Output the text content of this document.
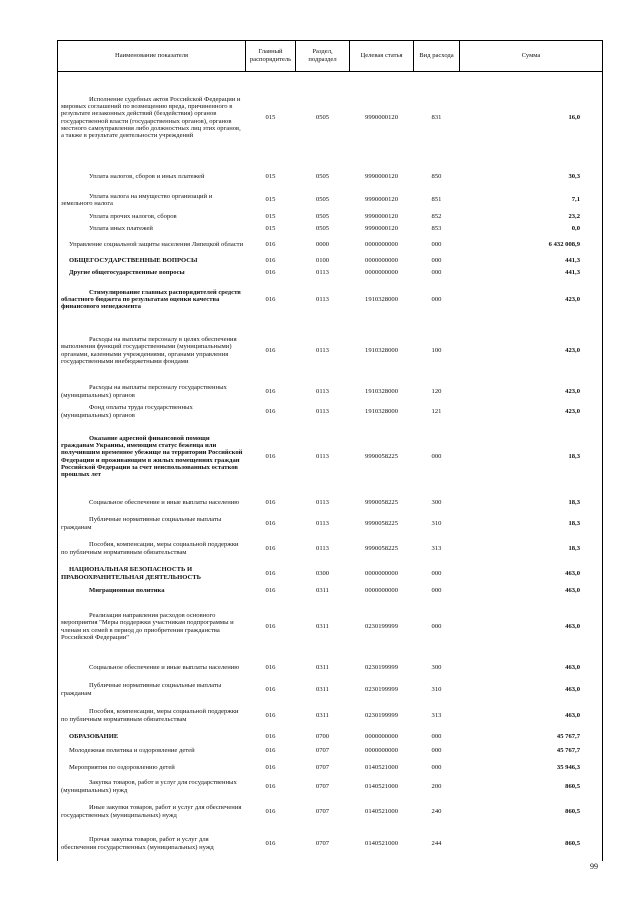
Наименование показателя	Главный распорядитель	Раздел, подраздел	Целевая статья	Вид расхода	Сумма
Исполнение судебных актов Российской Федерации и мировых соглашений по возмещению вреда, причиненного в результате незаконных действий (бездействия) органов государственной власти (государственных органов), органов местного самоуправления либо должностных лиц этих органов, а также в результате деятельности учреждений	015	0505	9990000120	831	16,0
Уплата налогов, сборов и иных платежей	015	0505	9990000120	850	30,3
Уплата налога на имущество организаций и земельного налога	015	0505	9990000120	851	7,1
Уплата прочих налогов, сборов	015	0505	9990000120	852	23,2
Уплата иных платежей	015	0505	9990000120	853	0,0
Управление социальной защиты населения Липецкой области	016	0000	0000000000	000	6 432 008,9
ОБЩЕГОСУДАРСТВЕННЫЕ ВОПРОСЫ	016	0100	0000000000	000	441,3
Другие общегосударственные вопросы	016	0113	0000000000	000	441,3
Стимулирование главных распорядителей средств областного бюджета по результатам оценки качества финансового менеджмента	016	0113	1910328000	000	423,0
Расходы на выплаты персоналу в целях обеспечения выполнения функций государственными (муниципальными) органами, казенными учреждениями, органами управления государственными внебюджетными фондами	016	0113	1910328000	100	423,0
Расходы на выплаты персоналу государственных (муниципальных) органов	016	0113	1910328000	120	423,0
Фонд оплаты труда государственных (муниципальных) органов	016	0113	1910328000	121	423,0
Оказание адресной финансовой помощи гражданам Украины, имеющим статус беженца или получившим временное убежище на территории Российской Федерации и проживающим в жилых помещениях граждан Российской Федерации за счет неиспользованных остатков прошлых лет	016	0113	9990058225	000	18,3
Социальное обеспечение и иные выплаты населению	016	0113	9990058225	300	18,3
Публичные нормативные социальные выплаты гражданам	016	0113	9990058225	310	18,3
Пособия, компенсации, меры социальной поддержки по публичным нормативным обязательствам	016	0113	9990058225	313	18,3
НАЦИОНАЛЬНАЯ БЕЗОПАСНОСТЬ И ПРАВООХРАНИТЕЛЬНАЯ ДЕЯТЕЛЬНОСТЬ	016	0300	0000000000	000	463,0
Миграционная политика	016	0311	0000000000	000	463,0
Реализация направления расходов основного мероприятия "Меры поддержки участникам подпрограммы и членам их семей в период до приобретения гражданства Российской Федерации"	016	0311	0230199999	000	463,0
Социальное обеспечение и иные выплаты населению	016	0311	0230199999	300	463,0
Публичные нормативные социальные выплаты гражданам	016	0311	0230199999	310	463,0
Пособия, компенсации, меры социальной поддержки по публичным нормативным обязательствам	016	0311	0230199999	313	463,0
ОБРАЗОВАНИЕ	016	0700	0000000000	000	45 767,7
Молодежная политика и оздоровление детей	016	0707	0000000000	000	45 767,7
Мероприятия по оздоровлению детей	016	0707	0140521000	000	35 946,3
Закупка товаров, работ и услуг для государственных (муниципальных) нужд	016	0707	0140521000	200	860,5
Иные закупки товаров, работ и услуг для обеспечения государственных (муниципальных) нужд	016	0707	0140521000	240	860,5
Прочая закупка товаров, работ и услуг для обеспечения государственных (муниципальных) нужд	016	0707	0140521000	244	860,5
99
